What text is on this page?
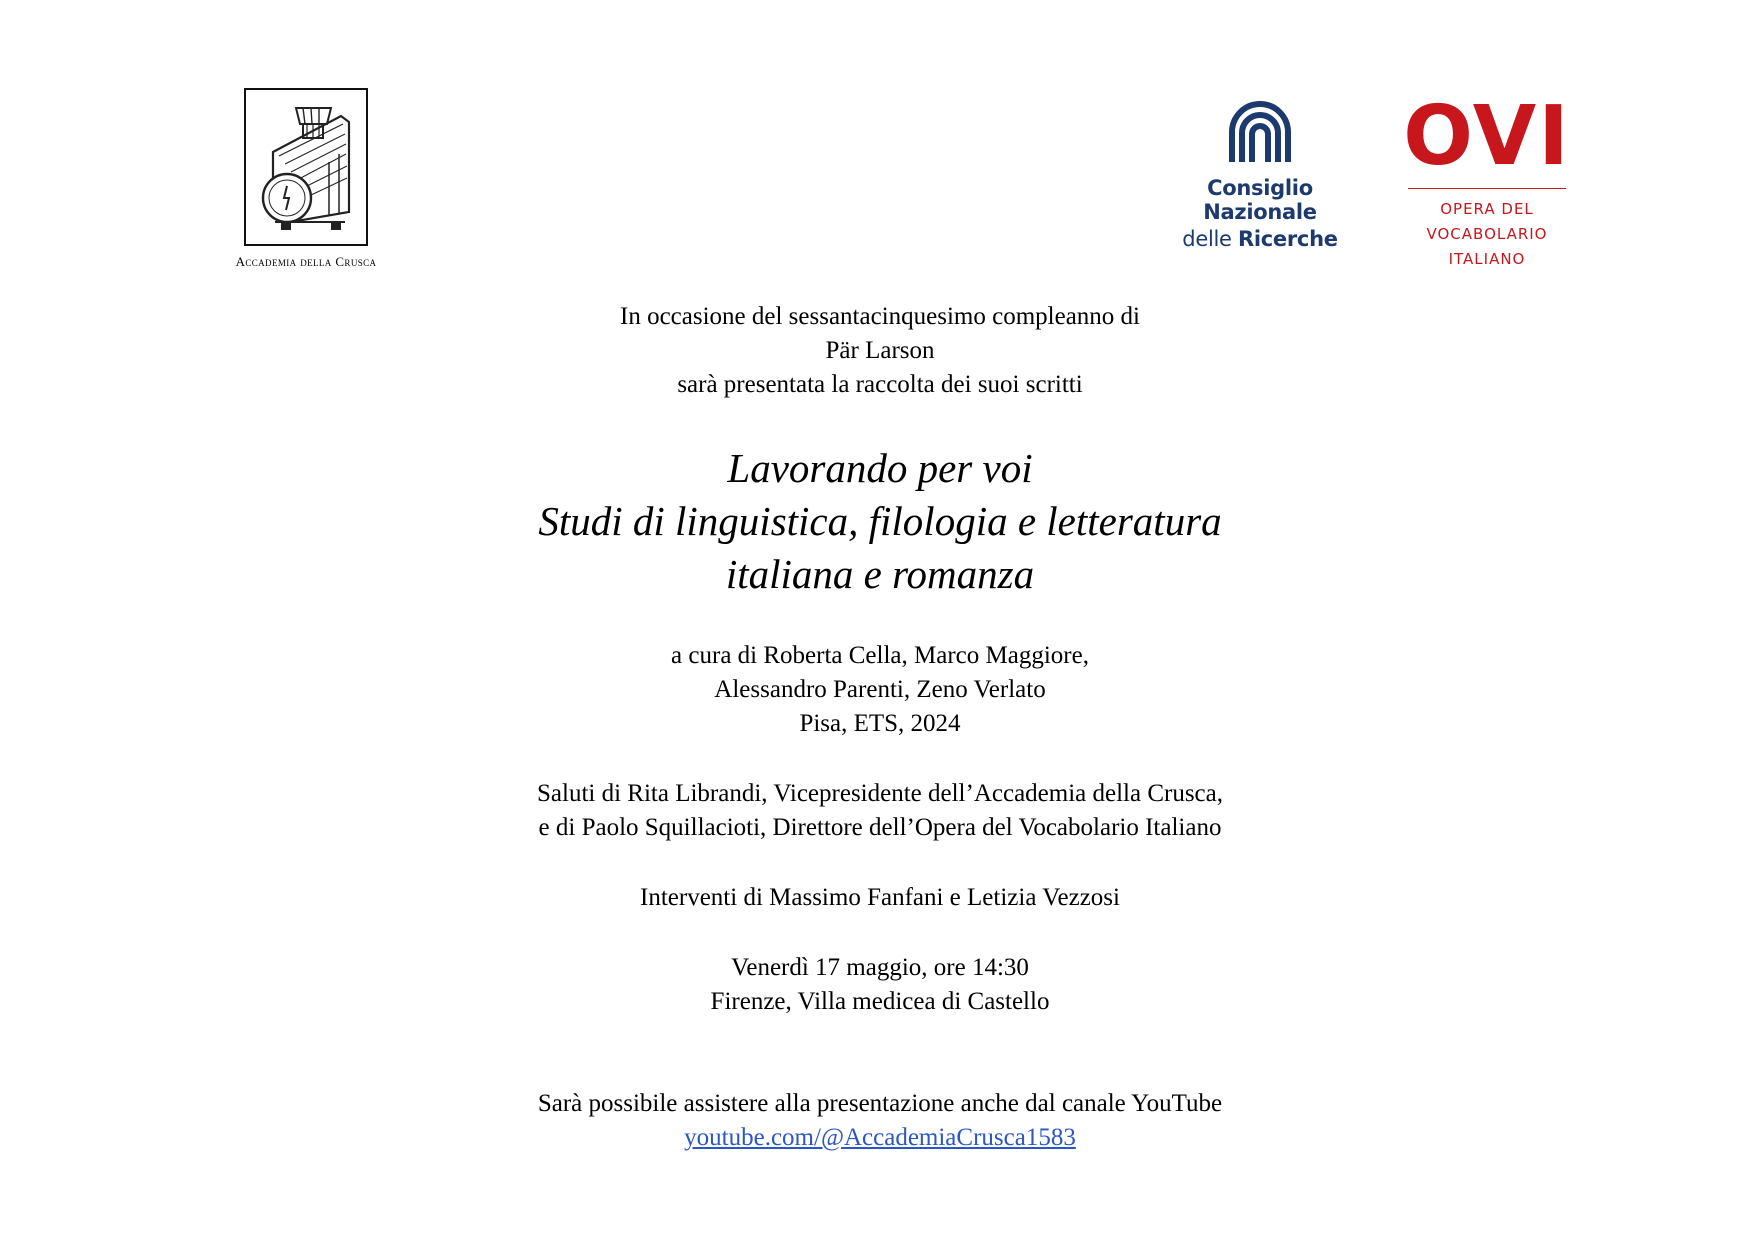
Accademia della Crusca
Consiglio Nazionale
delle Ricerche
OVI
OPERA DEL
VOCABOLARIO
ITALIANO
In occasione del sessantacinquesimo compleanno di
Pär Larson
sarà presentata la raccolta dei suoi scritti
Lavorando per voi
Studi di linguistica, filologia e letteratura
italiana e romanza
a cura di Roberta Cella, Marco Maggiore,
Alessandro Parenti, Zeno Verlato
Pisa, ETS, 2024
Saluti di Rita Librandi, Vicepresidente dell’Accademia della Crusca,
e di Paolo Squillacioti, Direttore dell’Opera del Vocabolario Italiano
Interventi di Massimo Fanfani e Letizia Vezzosi
Venerdì 17 maggio, ore 14:30
Firenze, Villa medicea di Castello
Sarà possibile assistere alla presentazione anche dal canale YouTube
youtube.com/@AccademiaCrusca1583
